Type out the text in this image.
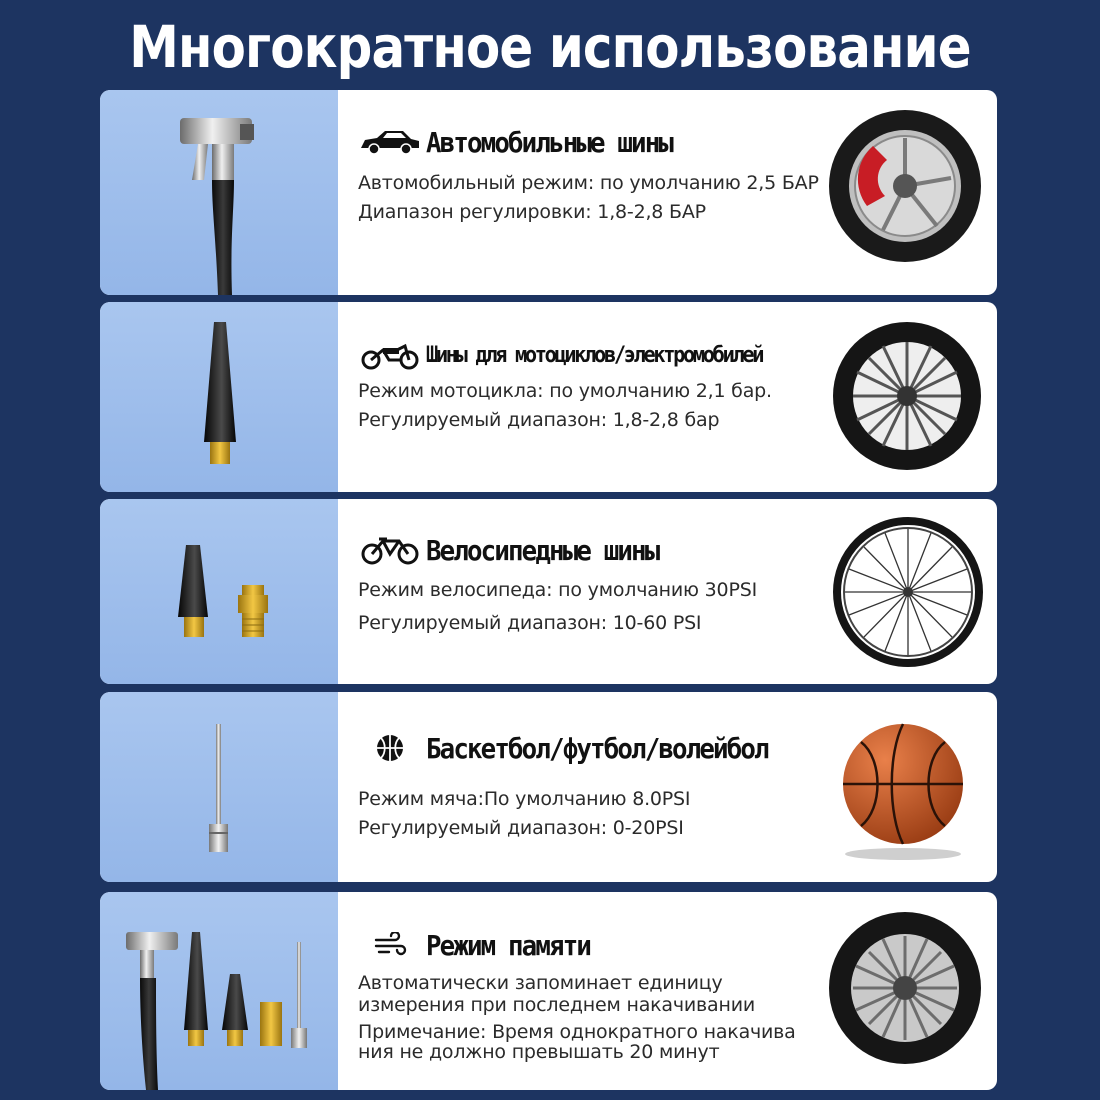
Многократное использование
Автомобильные шины
Автомобильный режим: по умолчанию 2,5 БАР
Диапазон регулировки: 1,8-2,8 БАР
Шины для мотоциклов/электромобилей
Режим мотоцикла: по умолчанию 2,1 бар.
Регулируемый диапазон: 1,8-2,8 бар
Велосипедные шины
Режим велосипеда: по умолчанию 30PSI
Регулируемый диапазон: 10-60 PSI
Баскетбол/футбол/волейбол
Режим мяча:По умолчанию 8.0PSI
Регулируемый диапазон: 0-20PSI
Режим памяти
Автоматически запоминает единицу
измерения при последнем накачивании
Примечание: Время однократного накачива
ния не должно превышать 20 минут
